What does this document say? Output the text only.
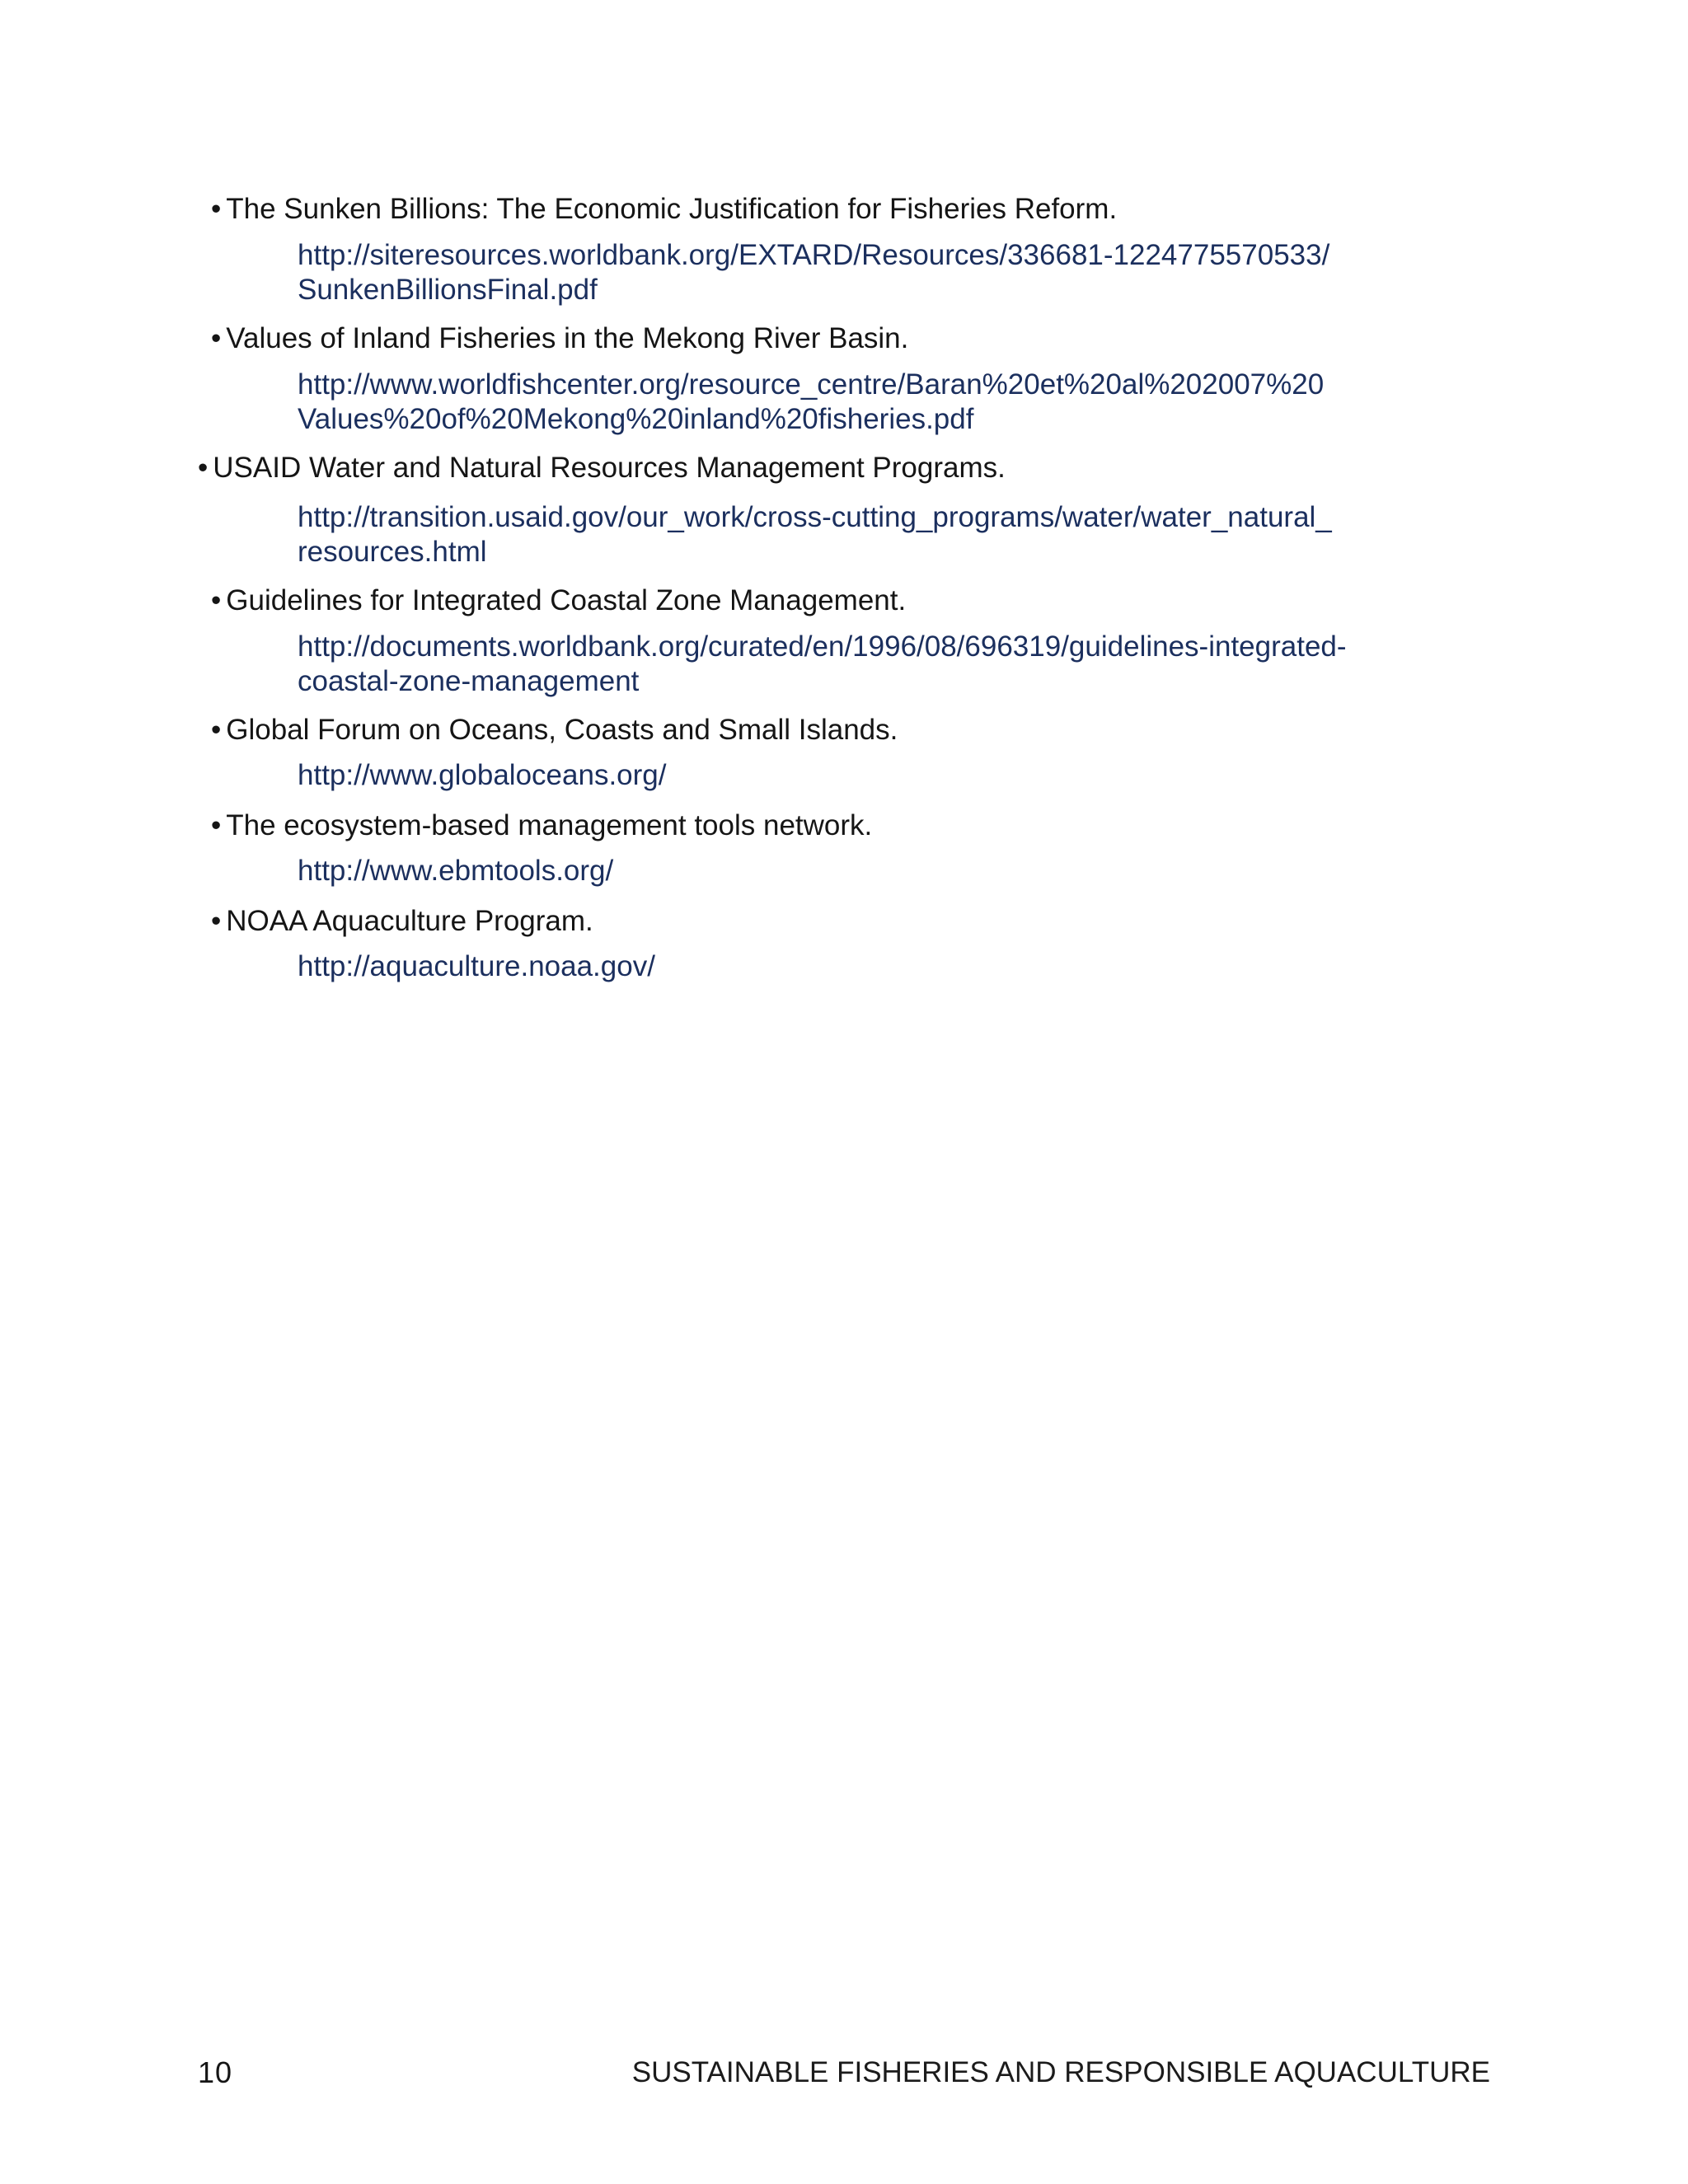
• The Sunken Billions: The Economic Justification for Fisheries Reform.
http://siteresources.worldbank.org/EXTARD/Resources/336681-1224775570533/
SunkenBillionsFinal.pdf
• Values of Inland Fisheries in the Mekong River Basin.
http://www.worldfishcenter.org/resource_centre/Baran%20et%20al%202007%20
Values%20of%20Mekong%20inland%20fisheries.pdf
• USAID Water and Natural Resources Management Programs.
http://transition.usaid.gov/our_work/cross-cutting_programs/water/water_natural_
resources.html
• Guidelines for Integrated Coastal Zone Management.
http://documents.worldbank.org/curated/en/1996/08/696319/guidelines-integrated-
coastal-zone-management
• Global Forum on Oceans, Coasts and Small Islands.
http://www.globaloceans.org/
• The ecosystem-based management tools network.
http://www.ebmtools.org/
• NOAA Aquaculture Program.
http://aquaculture.noaa.gov/
10	SUSTAINABLE FISHERIES AND RESPONSIBLE AQUACULTURE
